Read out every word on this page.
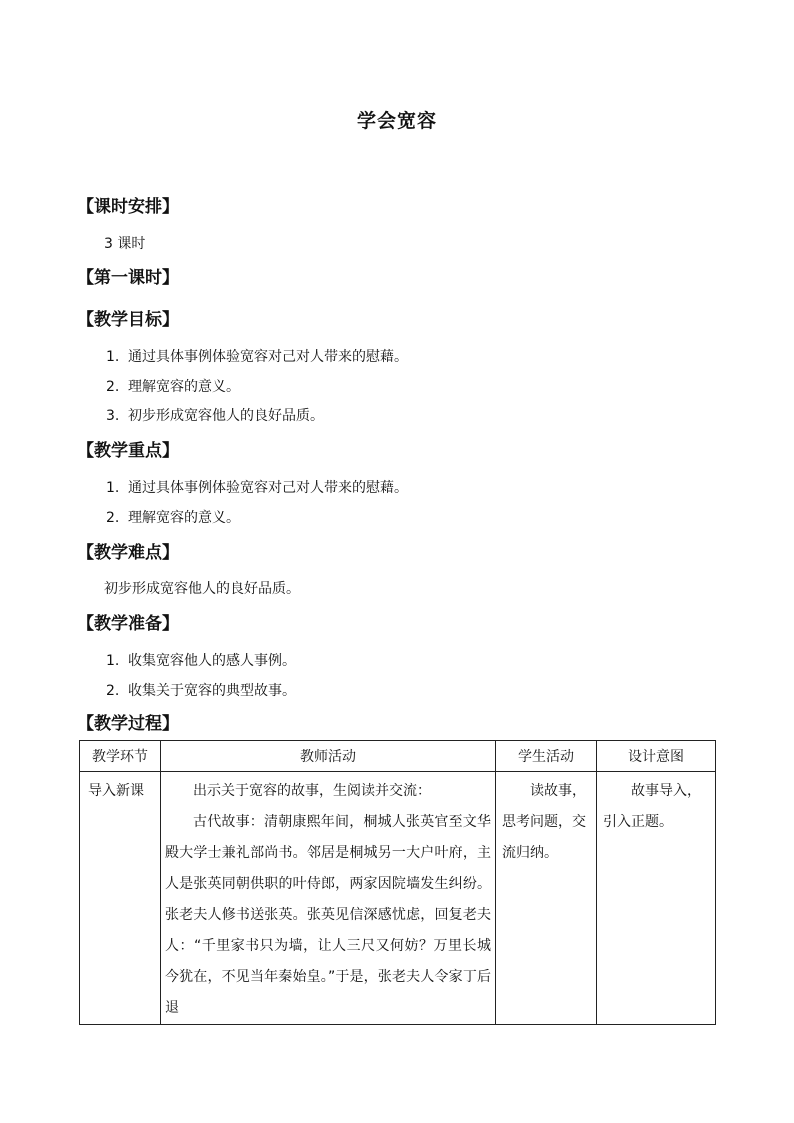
学会宽容
【课时安排】
3 课时
【第一课时】
【教学目标】
1. 通过具体事例体验宽容对己对人带来的慰藉。
2. 理解宽容的意义。
3. 初步形成宽容他人的良好品质。
【教学重点】
1. 通过具体事例体验宽容对己对人带来的慰藉。
2. 理解宽容的意义。
【教学难点】
初步形成宽容他人的良好品质。
【教学准备】
1. 收集宽容他人的感人事例。
2. 收集关于宽容的典型故事。
【教学过程】
教学环节	教师活动	学生活动	设计意图
导入新课	出示关于宽容的故事，生阅读并交流：
古代故事：清朝康熙年间，桐城人张英官至文华殿大学士兼礼部尚书。邻居是桐城另一大户叶府，主人是张英同朝供职的叶侍郎，两家因院墙发生纠纷。张老夫人修书送张英。张英见信深感忧虑，回复老夫人：“千里家书只为墙，让人三尺又何妨？万里长城今犹在，不见当年秦始皇。”于是，张老夫人令家丁后退	读故事，思考问题，交流归纳。	故事导入，引入正题。
